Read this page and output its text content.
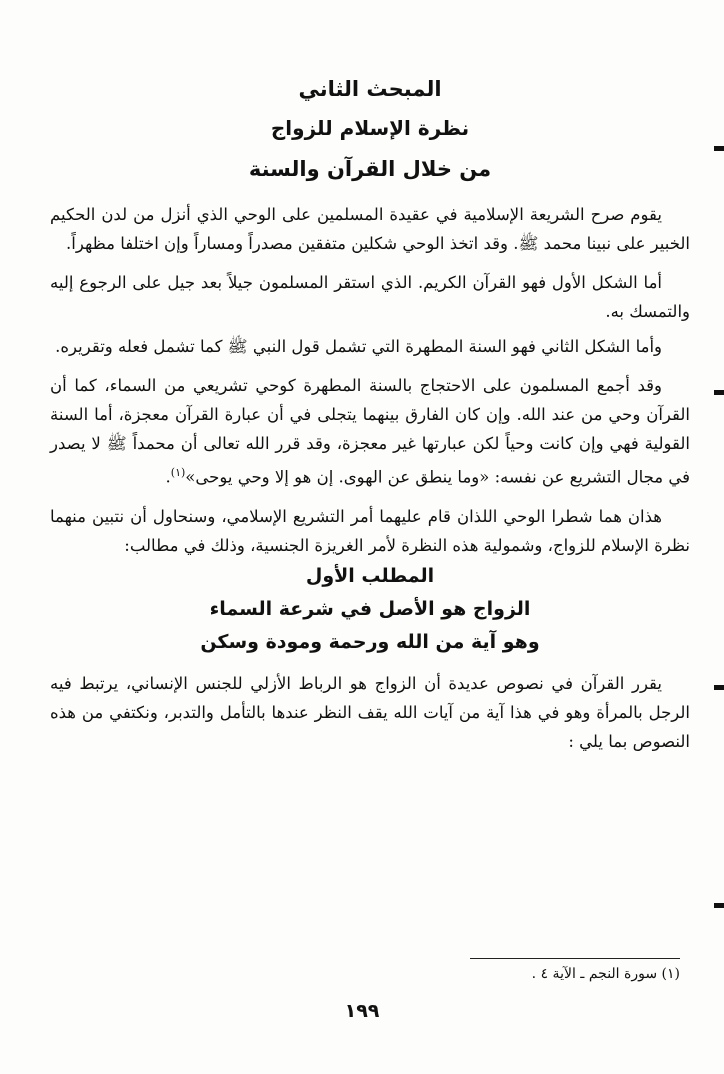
المبحث الثاني
نظرة الإسلام للزواج
من خلال القرآن والسنة

يقوم صرح الشريعة الإسلامية في عقيدة المسلمين على الوحي الذي أنزل من لدن الحكيم الخبير على نبينا محمد ﷺ. وقد اتخذ الوحي شكلين متفقين مصدراً ومساراً وإن اختلفا مظهراً.

أما الشكل الأول فهو القرآن الكريم. الذي استقر المسلمون جيلاً بعد جيل على الرجوع إليه والتمسك به.

وأما الشكل الثاني فهو السنة المطهرة التي تشمل قول النبي ﷺ كما تشمل فعله وتقريره.

وقد أجمع المسلمون على الاحتجاج بالسنة المطهرة كوحي تشريعي من السماء، كما أن القرآن وحي من عند الله. وإن كان الفارق بينهما يتجلى في أن عبارة القرآن معجزة، أما السنة القولية فهي وإن كانت وحياً لكن عبارتها غير معجزة، وقد قرر الله تعالى أن محمداً ﷺ لا يصدر في مجال التشريع عن نفسه: «وما ينطق عن الهوى. إن هو إلا وحي يوحى»$^{(١)}$.

هذان هما شطرا الوحي اللذان قام عليهما أمر التشريع الإسلامي، وسنحاول أن نتبين منهما نظرة الإسلام للزواج، وشمولية هذه النظرة لأمر الغريزة الجنسية، وذلك في مطالب:

المطلب الأول

الزواج هو الأصل في شرعة السماء

وهو آية من الله ورحمة ومودة وسكن

يقرر القرآن في نصوص عديدة أن الزواج هو الرباط الأزلي للجنس الإنساني، يرتبط فيه الرجل بالمرأة وهو في هذا آية من آيات الله يقف النظر عندها بالتأمل والتدبر، ونكتفي من هذه النصوص بما يلي :

(١) سورة النجم ـ الآية ٤ .
١٩٩
